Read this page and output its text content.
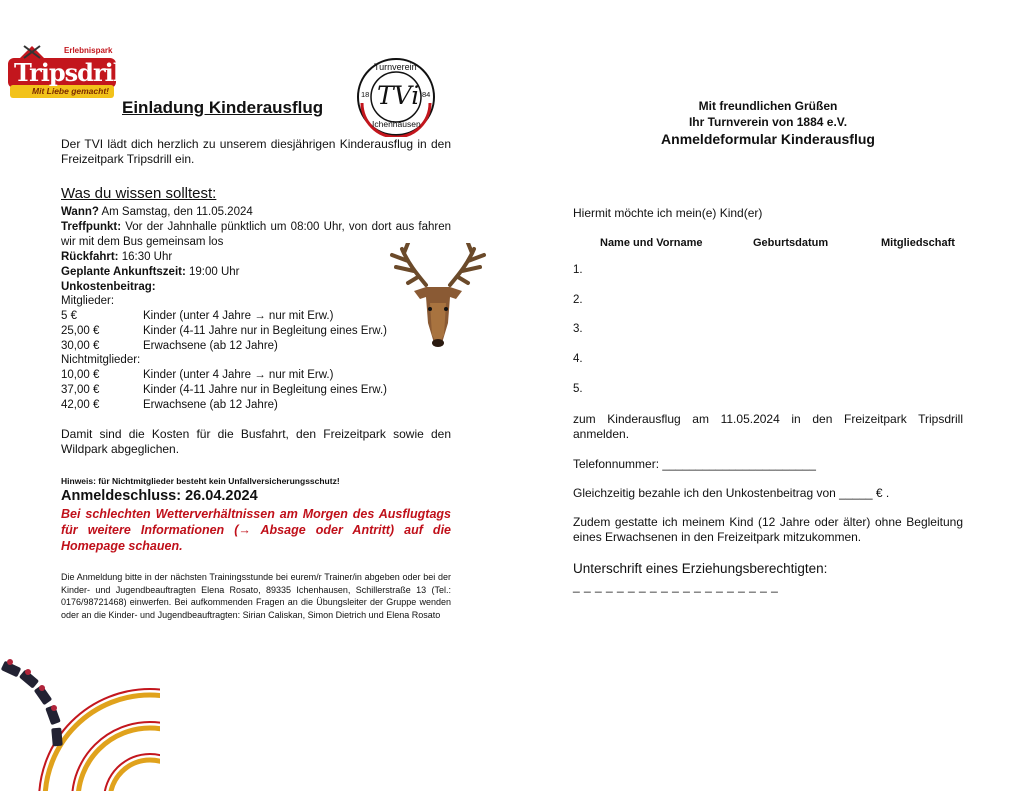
Erlebnispark
Tripsdrill
Mit Liebe gemacht!
Turnverein
18	84
TVi
Ichenhausen
Einladung Kinderausflug
Der TVI lädt dich herzlich zu unserem diesjährigen Kinderausflug in den Freizeitpark Tripsdrill ein.
Was du wissen solltest:
Wann? Am Samstag, den 11.05.2024
Treffpunkt: Vor der Jahnhalle pünktlich um 08:00 Uhr, von dort aus fahren wir mit dem Bus gemeinsam los
Rückfahrt: 16:30 Uhr
Geplante Ankunftszeit: 19:00 Uhr
Unkostenbeitrag:
Mitglieder:
5 €	Kinder (unter 4 Jahre → nur mit Erw.)
25,00 €	Kinder (4-11 Jahre nur in Begleitung eines Erw.)
30,00 €	Erwachsene (ab 12 Jahre)
Nichtmitglieder:
10,00 €	Kinder (unter 4 Jahre → nur mit Erw.)
37,00 €	Kinder (4-11 Jahre nur in Begleitung eines Erw.)
42,00 €	Erwachsene (ab 12 Jahre)
Damit sind die Kosten für die Busfahrt, den Freizeitpark sowie den Wildpark abgeglichen.
Hinweis: für Nichtmitglieder besteht kein Unfallversicherungsschutz!
Anmeldeschluss: 26.04.2024
Bei schlechten Wetterverhältnissen am Morgen des Ausflugtags für weitere Informationen (→ Absage oder Antritt) auf die Homepage schauen.
Die Anmeldung bitte in der nächsten Trainingsstunde bei eurem/r Trainer/in abgeben oder bei der Kinder- und Jugendbeauftragten Elena Rosato, 89335 Ichenhausen, Schillerstraße 13 (Tel.: 0176/98721468) einwerfen. Bei aufkommenden Fragen an die Übungsleiter der Gruppe wenden oder an die Kinder- und Jugendbeauftragten: Sirian Caliskan, Simon Dietrich und Elena Rosato
Mit freundlichen Grüßen
Ihr Turnverein von 1884 e.V.
Anmeldeformular Kinderausflug
Hiermit möchte ich mein(e) Kind(er)
Name und Vorname	Geburtsdatum	Mitgliedschaft
1.
2.
3.
4.
5.
zum Kinderausflug am 11.05.2024 in den Freizeitpark Tripsdrill anmelden.
Telefonnummer: _______________________
Gleichzeitig bezahle ich den Unkostenbeitrag von _____ € .
Zudem gestatte ich meinem Kind (12 Jahre oder älter) ohne Begleitung eines Erwachsenen in den Freizeitpark mitzukommen.
Unterschrift eines Erziehungsberechtigten:
_ _ _ _ _ _ _ _ _ _ _ _ _ _ _ _ _ _ _
